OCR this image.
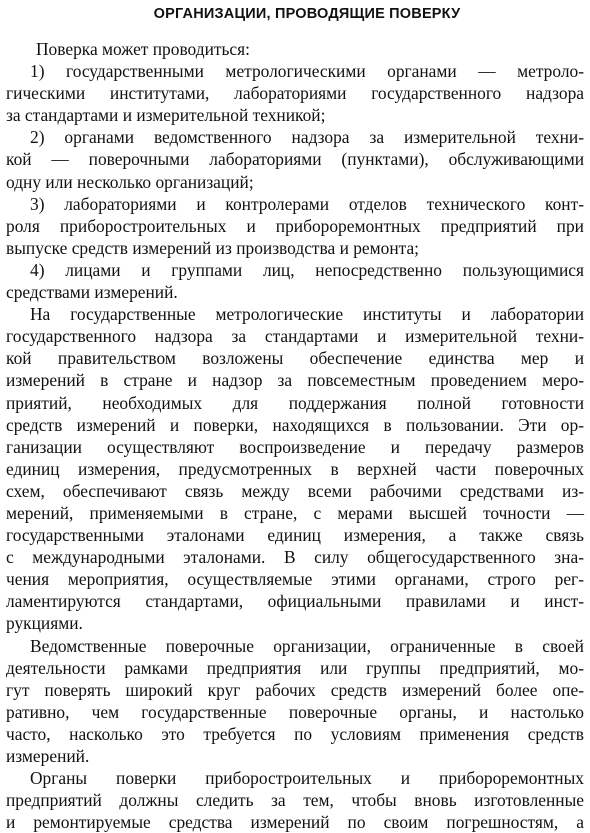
ОРГАНИЗАЦИИ, ПРОВОДЯЩИЕ ПОВЕРКУ
Поверка может проводиться:
1) государственными метрологическими органами — метроло-
гическими институтами, лабораториями государственного надзора
за стандартами и измерительной техникой;
2) органами ведомственного надзора за измерительной техни-
кой — поверочными лабораториями (пунктами), обслуживающими
одну или несколько организаций;
3) лабораториями и контролерами отделов технического конт-
роля приборостроительных и приборoремонтных предприятий при
выпуске средств измерений из производства и ремонта;
4) лицами и группами лиц, непосредственно пользующимися
средствами измерений.
На государственные метрологические институты и лаборатории
государственного надзора за стандартами и измерительной техни-
кой правительством возложены обеспечение единства мер и
измерений в стране и надзор за повсеместным проведением меро-
приятий, необходимых для поддержания полной готовности
средств измерений и поверки, находящихся в пользовании. Эти ор-
ганизации осуществляют воспроизведение и передачу размеров
единиц измерения, предусмотренных в верхней части поверочных
схем, обеспечивают связь между всеми рабочими средствами из-
мерений, применяемыми в стране, с мерами высшей точности —
государственными эталонами единиц измерения, а также связь
с международными эталонами. В силу общегосударственного зна-
чения мероприятия, осуществляемые этими органами, строго рег-
ламентируются стандартами, официальными правилами и инст-
рукциями.
Ведомственные поверочные организации, ограниченные в своей
деятельности рамками предприятия или группы предприятий, мо-
гут поверять широкий круг рабочих средств измерений более опе-
ративно, чем государственные поверочные органы, и настолько
часто, насколько это требуется по условиям применения средств
измерений.
Органы поверки приборостроительных и приборoремонтных
предприятий должны следить за тем, чтобы вновь изготовленные
и ремонтируемые средства измерений по своим погрешностям, а
